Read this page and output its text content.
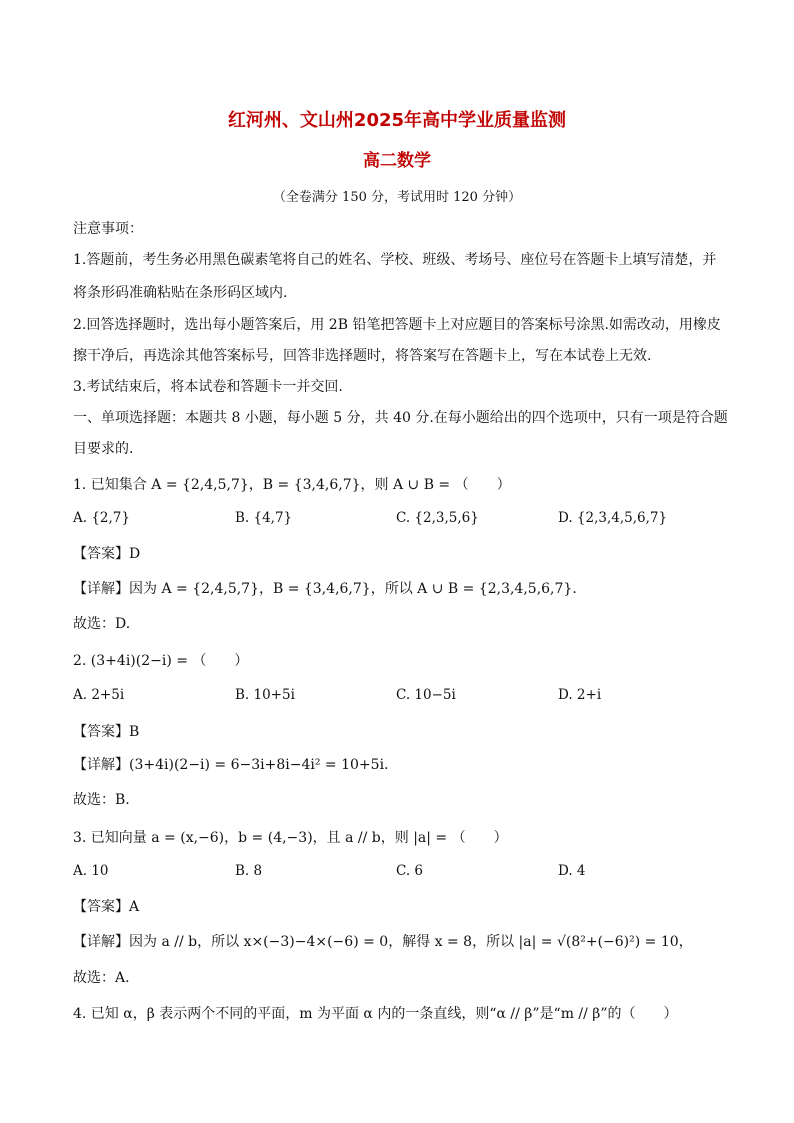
红河州、文山州2025年高中学业质量监测
高二数学
（全卷满分 150 分，考试用时 120 分钟）
注意事项：
1.答题前，考生务必用黑色碳素笔将自己的姓名、学校、班级、考场号、座位号在答题卡上填写清楚，并
将条形码准确粘贴在条形码区域内.
2.回答选择题时，选出每小题答案后，用 2B 铅笔把答题卡上对应题目的答案标号涂黑.如需改动，用橡皮
擦干净后，再选涂其他答案标号，回答非选择题时，将答案写在答题卡上，写在本试卷上无效.
3.考试结束后，将本试卷和答题卡一并交回.
一、单项选择题：本题共 8 小题，每小题 5 分，共 40 分.在每小题给出的四个选项中，只有一项是符合题
目要求的.
1. 已知集合 A = {2,4,5,7}，B = {3,4,6,7}，则 A ∪ B = （　　）
A. {2,7}	B. {4,7}	C. {2,3,5,6}	D. {2,3,4,5,6,7}
【答案】D
【详解】因为 A = {2,4,5,7}，B = {3,4,6,7}，所以 A ∪ B = {2,3,4,5,6,7}.
故选：D.
2. (3+4i)(2−i) = （　　）
A. 2+5i	B. 10+5i	C. 10−5i	D. 2+i
【答案】B
【详解】(3+4i)(2−i) = 6−3i+8i−4i² = 10+5i.
故选：B.
3. 已知向量 a = (x,−6)，b = (4,−3)，且 a // b，则 |a| = （　　）
A. 10	B. 8	C. 6	D. 4
【答案】A
【详解】因为 a // b，所以 x×(−3)−4×(−6) = 0，解得 x = 8，所以 |a| = √(8²+(−6)²) = 10，
故选：A.
4. 已知 α，β 表示两个不同的平面，m 为平面 α 内的一条直线，则“α // β”是“m // β”的（　　）
